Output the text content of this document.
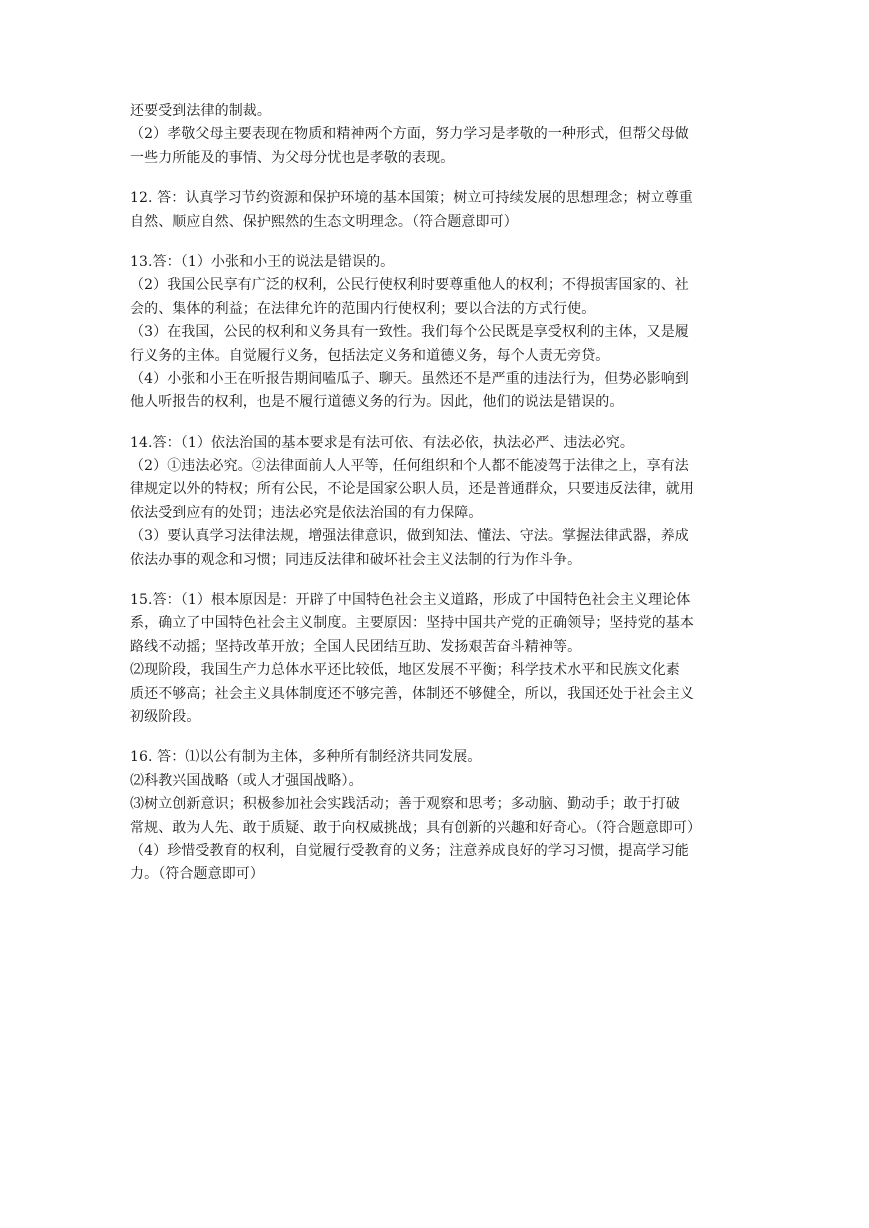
还要受到法律的制裁。
（2）孝敬父母主要表现在物质和精神两个方面，努力学习是孝敬的一种形式，但帮父母做
一些力所能及的事情、为父母分忧也是孝敬的表现。
12. 答：认真学习节约资源和保护环境的基本国策；树立可持续发展的思想理念；树立尊重
自然、顺应自然、保护熙然的生态文明理念。（符合题意即可）
13.答：（1）小张和小王的说法是错误的。
（2）我国公民享有广泛的权利，公民行使权利时要尊重他人的权利；不得损害国家的、社
会的、集体的利益；在法律允许的范围内行使权利；要以合法的方式行使。
（3）在我国，公民的权利和义务具有一致性。我们每个公民既是享受权利的主体，又是履
行义务的主体。自觉履行义务，包括法定义务和道德义务，每个人责无旁贷。
（4）小张和小王在听报告期间嗑瓜子、聊天。虽然还不是严重的违法行为，但势必影响到
他人听报告的权利，也是不履行道德义务的行为。因此，他们的说法是错误的。
14.答：（1）依法治国的基本要求是有法可依、有法必依，执法必严、违法必究。
（2）①违法必究。②法律面前人人平等，任何组织和个人都不能凌驾于法律之上，享有法
律规定以外的特权；所有公民，不论是国家公职人员，还是普通群众，只要违反法律，就用
依法受到应有的处罚；违法必究是依法治国的有力保障。
（3）要认真学习法律法规，增强法律意识，做到知法、懂法、守法。掌握法律武器，养成
依法办事的观念和习惯；同违反法律和破坏社会主义法制的行为作斗争。
15.答：（1）根本原因是：开辟了中国特色社会主义道路，形成了中国特色社会主义理论体
系，确立了中国特色社会主义制度。主要原因：坚持中国共产党的正确领导；坚持党的基本
路线不动摇；坚持改革开放；全国人民团结互助、发扬艰苦奋斗精神等。
⑵现阶段，我国生产力总体水平还比较低，地区发展不平衡；科学技术水平和民族文化素
质还不够高；社会主义具体制度还不够完善，体制还不够健全，所以，我国还处于社会主义
初级阶段。
16. 答：⑴以公有制为主体，多种所有制经济共同发展。
⑵科教兴国战略（或人才强国战略）。
⑶树立创新意识；积极参加社会实践活动；善于观察和思考；多动脑、勤动手；敢于打破
常规、敢为人先、敢于质疑、敢于向权威挑战；具有创新的兴趣和好奇心。（符合题意即可）
（4）珍惜受教育的权利，自觉履行受教育的义务；注意养成良好的学习习惯，提高学习能
力。（符合题意即可）
